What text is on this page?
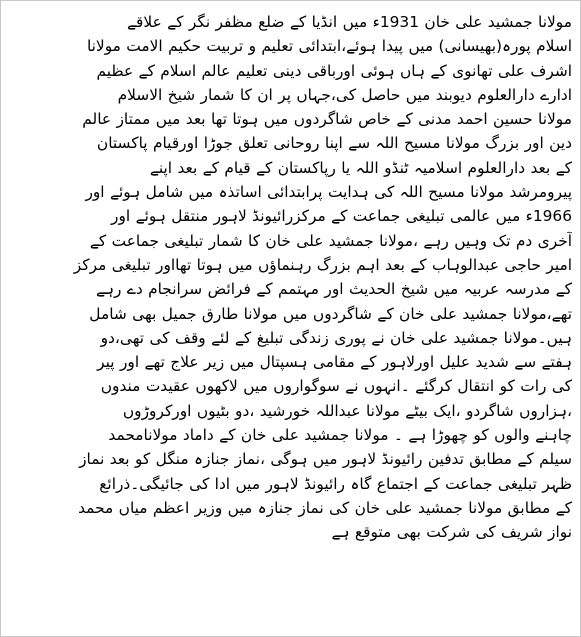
مولانا جمشید علی خان 1931ء میں انڈیا کے ضلع مظفر نگر کے علاقے
اسلام پورہ(بھیسانی) میں پیدا ہوئے،ابتدائی تعلیم و تربیت حکیم الامت مولانا
اشرف علی تھانوی کے ہاں ہوئی اورباقی دینی تعلیم عالم اسلام کے عظیم
ادارے دارالعلوم دیوبند میں حاصل کی،جہاں پر ان کا شمار شیخ الاسلام
مولانا حسین احمد مدنی کے خاص شاگردوں میں ہوتا تھا بعد میں ممتاز عالم
دین اور بزرگ مولانا مسیح اللہ سے اپنا روحانی تعلق جوڑا اورقیام پاکستان
کے بعد دارالعلوم اسلامیہ ٹنڈو اللہ یا رپاکستان کے قیام کے بعد اپنے
پیرومرشد مولانا مسیح اللہ کی ہدایت پرابتدائی اساتذہ میں شامل ہوئے اور
1966ء میں عالمی تبلیغی جماعت کے مرکزرائیونڈ لاہور منتقل ہوئے اور
آخری دم تک وہیں رہے ،مولانا جمشید علی خان کا شمار تبلیغی جماعت کے
امیر حاجی عبدالوہاب کے بعد اہم بزرگ رہنماؤں میں ہوتا تھااور تبلیغی مرکز
کے مدرسہ عربیہ میں شیخ الحدیث اور مہتمم کے فرائض سرانجام دے رہے
تھے،مولانا جمشید علی خان کے شاگردوں میں مولانا طارق جمیل بھی شامل
ہیں۔مولانا جمشید علی خان نے پوری زندگی تبلیغ کے لئے وقف کی تھی،دو
ہفتے سے شدید علیل اورلاہور کے مقامی ہسپتال میں زیر علاج تھے اور پیر
کی رات کو انتقال کرگئے ۔انہوں نے سوگواروں میں لاکھوں عقیدت مندوں
،ہزاروں شاگردو ،ایک بیٹے مولانا عبداللہ خورشید ،دو بٹیوں اورکروڑوں
چاہنے والوں کو چھوڑا ہے ۔ مولانا جمشید علی خان کے داماد مولانامحمد
سیلم کے مطابق تدفین رائیونڈ لاہور میں ہوگی ،نماز جنازہ منگل کو بعد نماز
ظہر تبلیغی جماعت کے اجتماع گاہ رائیونڈ لاہور میں ادا کی جائیگی۔ذرائع
کے مطابق مولانا جمشید علی خان کی نماز جنازہ میں وزیر اعظم میاں محمد
نواز شریف کی شرکت بھی متوقع ہے
